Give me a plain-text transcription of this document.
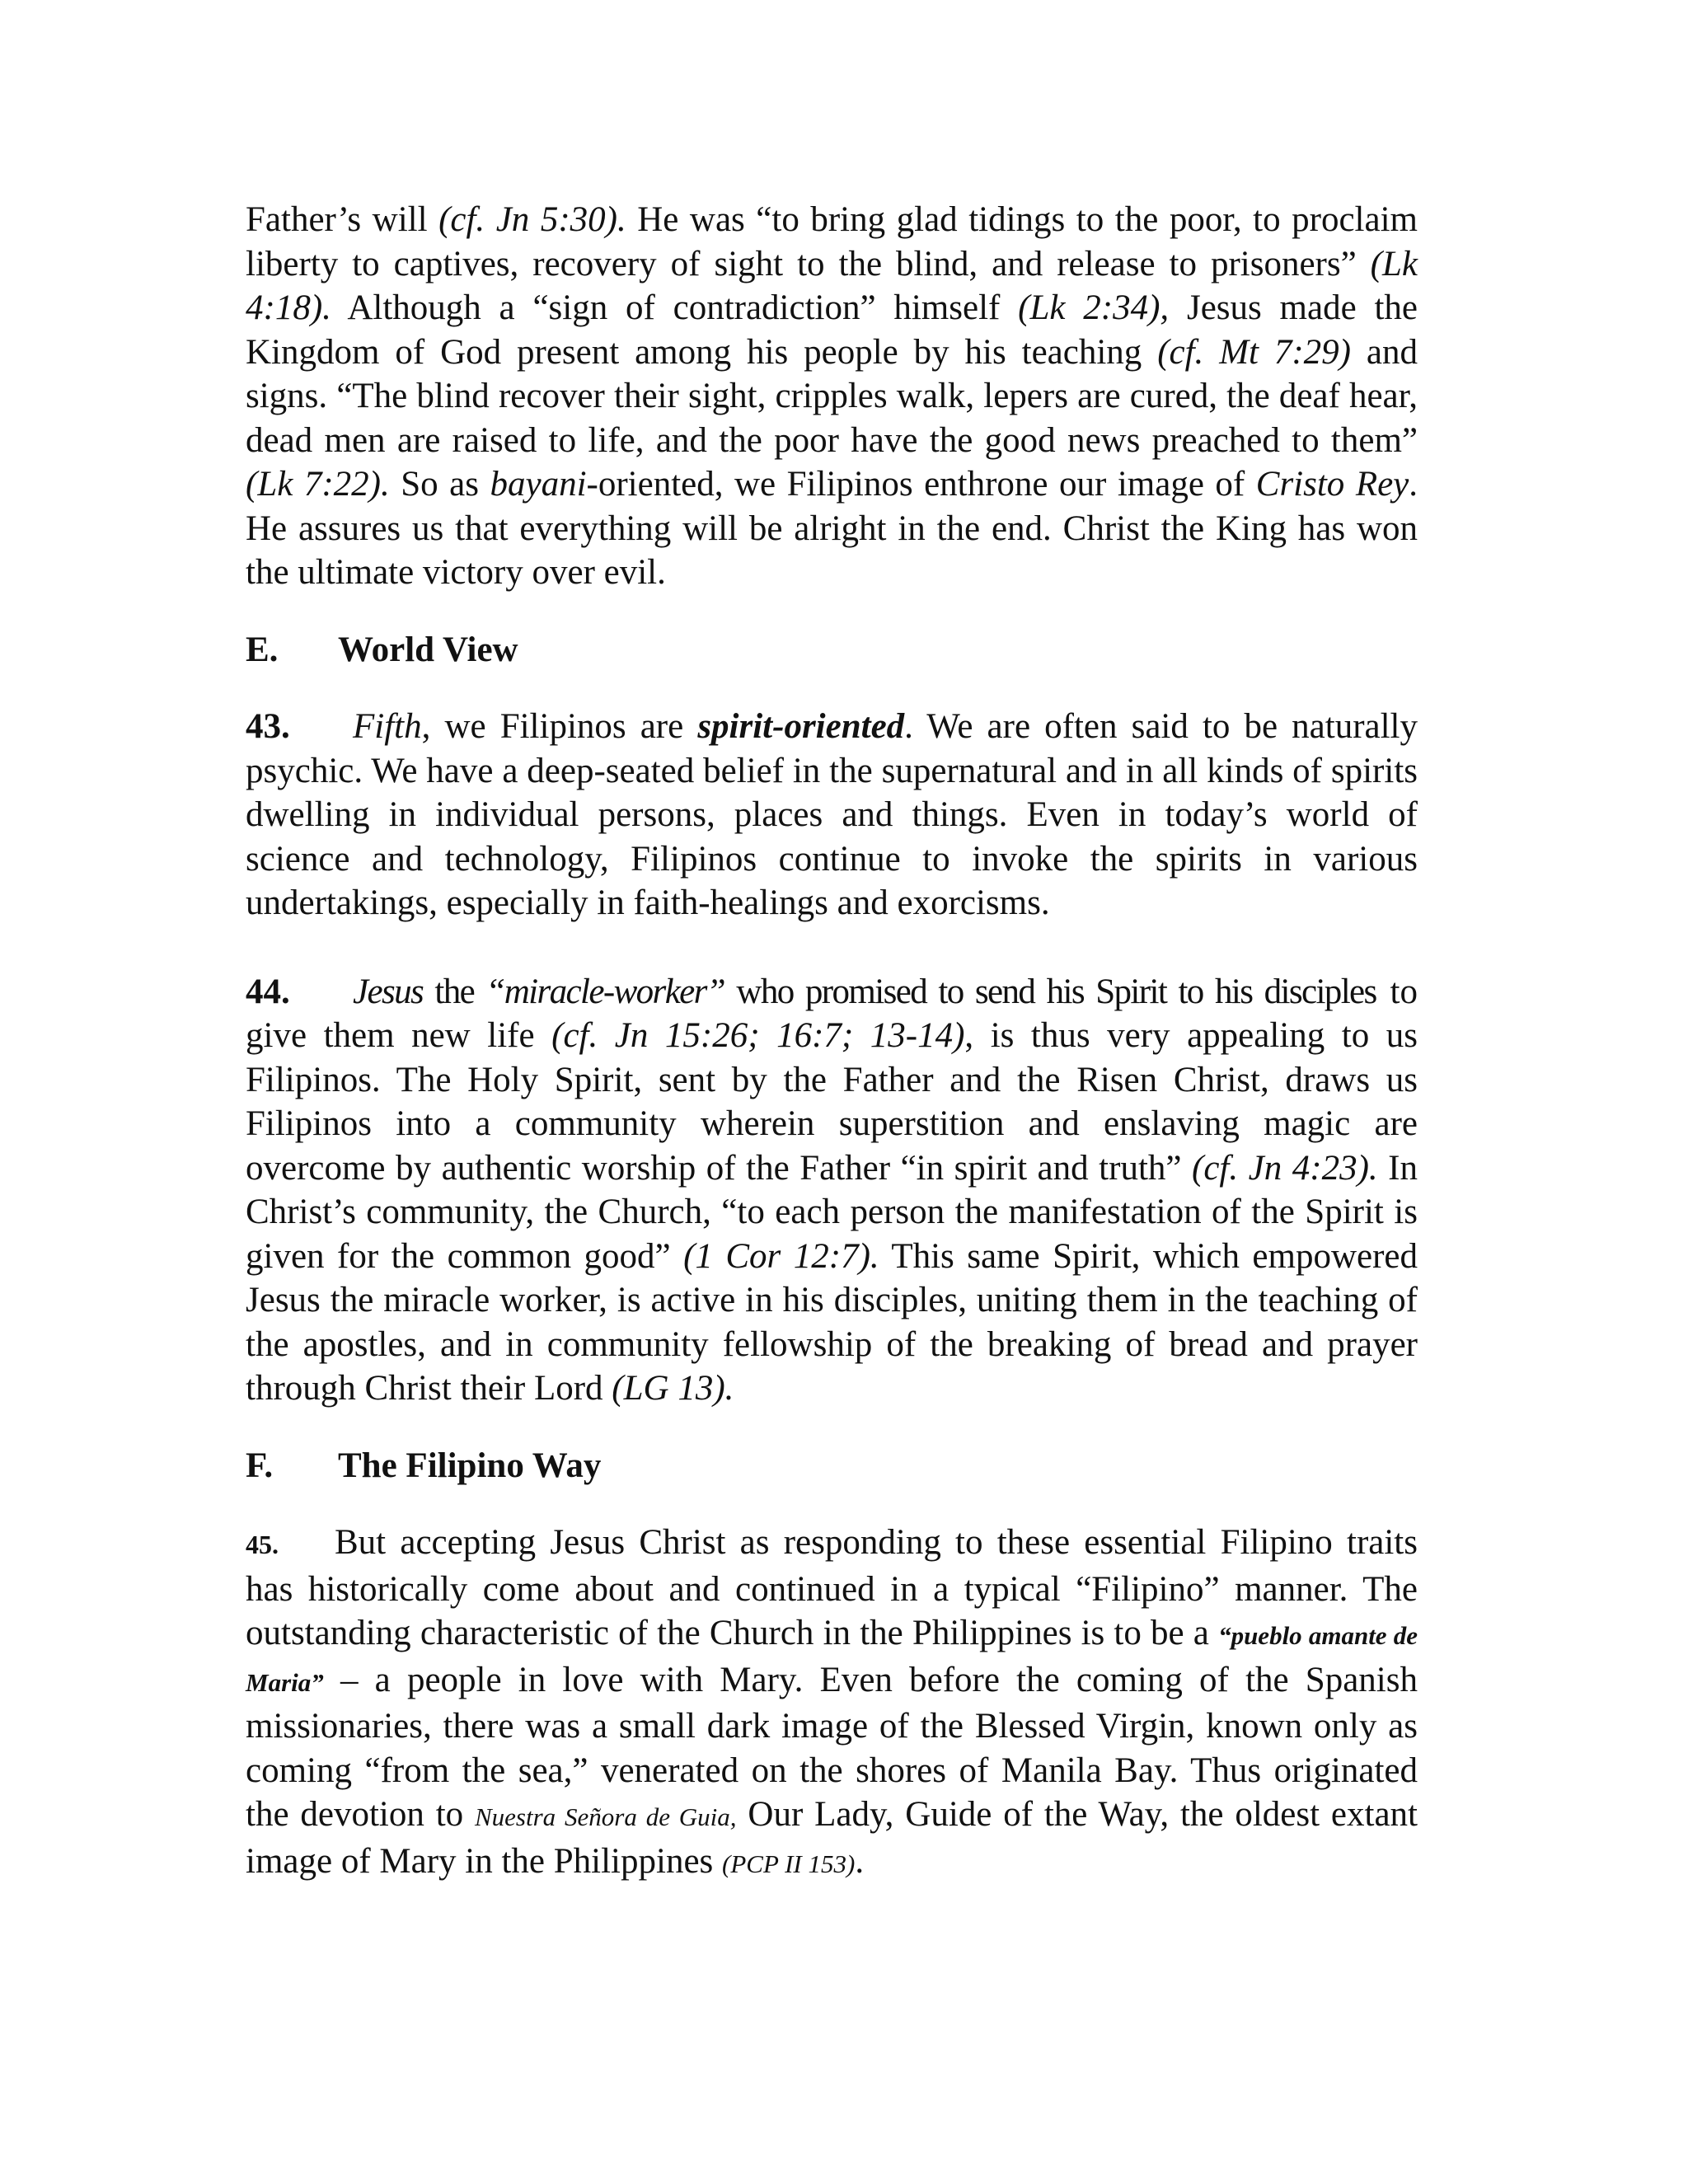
Father’s will (cf. Jn 5:30). He was “to bring glad tidings to the poor, to proclaim liberty to captives, recovery of sight to the blind, and release to prisoners” (Lk 4:18). Although a “sign of contradiction” himself (Lk 2:34), Jesus made the Kingdom of God present among his people by his teaching (cf. Mt 7:29) and signs. “The blind recover their sight, cripples walk, lepers are cured, the deaf hear, dead men are raised to life, and the poor have the good news preached to them” (Lk 7:22). So as bayani-oriented, we Filipinos enthrone our image of Cristo Rey. He assures us that everything will be alright in the end. Christ the King has won the ultimate victory over evil.

E. World View

43. Fifth, we Filipinos are spirit-oriented. We are often said to be naturally psychic. We have a deep-seated belief in the supernatural and in all kinds of spirits dwelling in individual persons, places and things. Even in today’s world of science and technology, Filipinos continue to invoke the spirits in various undertakings, especially in faith-healings and exorcisms.

44. Jesus the “miracle-worker” who promised to send his Spirit to his disciples to give them new life (cf. Jn 15:26; 16:7; 13-14), is thus very appealing to us Filipinos. The Holy Spirit, sent by the Father and the Risen Christ, draws us Filipinos into a community wherein superstition and enslaving magic are overcome by authentic worship of the Father “in spirit and truth” (cf. Jn 4:23). In Christ’s community, the Church, “to each person the manifestation of the Spirit is given for the common good” (1 Cor 12:7). This same Spirit, which empowered Jesus the miracle worker, is active in his disciples, uniting them in the teaching of the apostles, and in community fellowship of the breaking of bread and prayer through Christ their Lord (LG 13).

F. The Filipino Way

45. But accepting Jesus Christ as responding to these essential Filipino traits has historically come about and continued in a typical “Filipino” manner. The outstanding characteristic of the Church in the Philippines is to be a “pueblo amante de Maria” – a people in love with Mary. Even before the coming of the Spanish missionaries, there was a small dark image of the Blessed Virgin, known only as coming “from the sea,” venerated on the shores of Manila Bay. Thus originated the devotion to Nuestra Señora de Guia, Our Lady, Guide of the Way, the oldest extant image of Mary in the Philippines (PCP II 153).
